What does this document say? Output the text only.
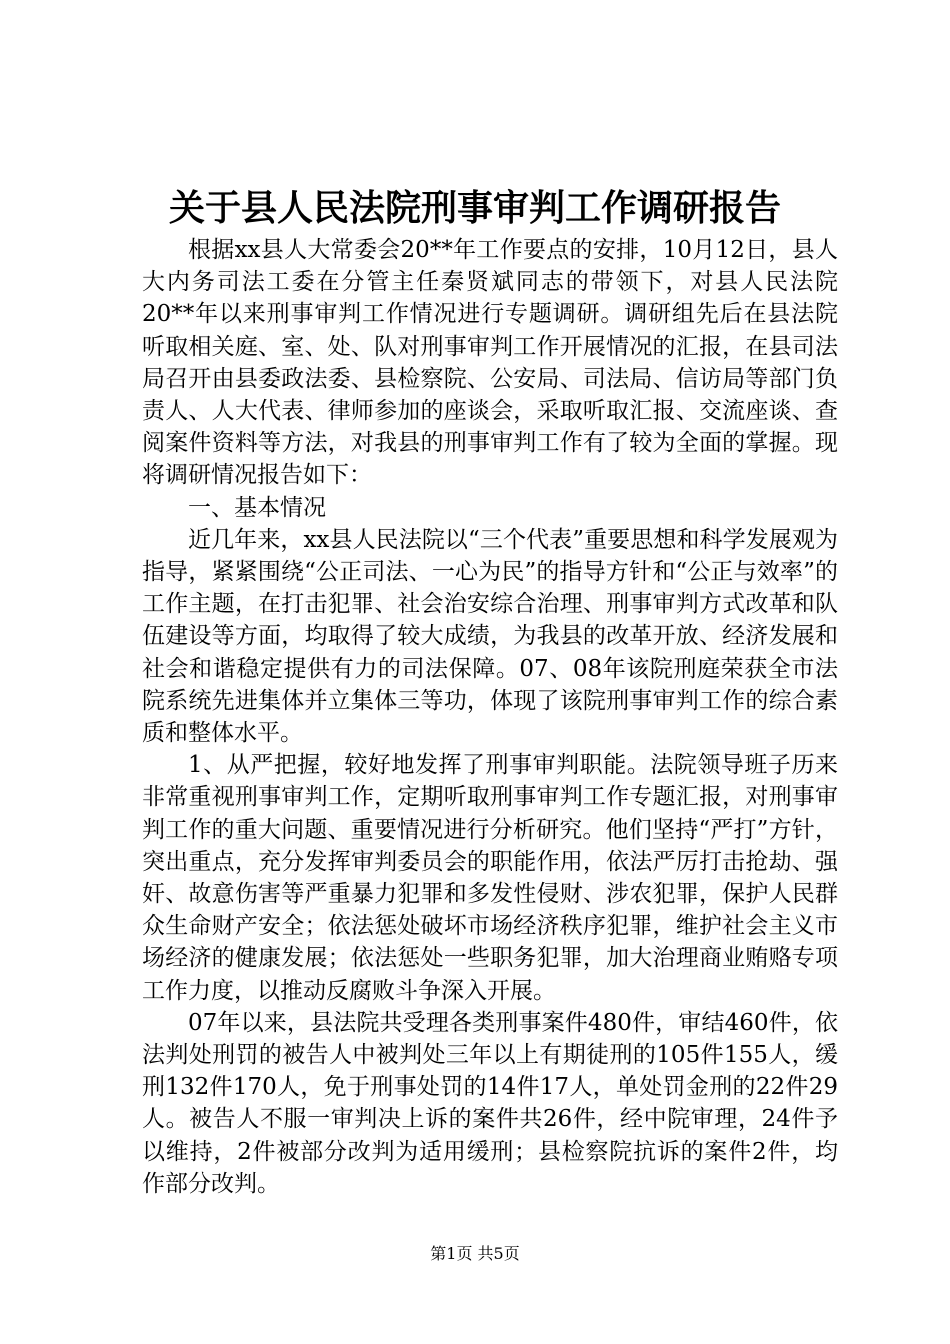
关于县人民法院刑事审判工作调研报告

根据xx县人大常委会20**年工作要点的安排，10月12日，县人大内务司法工委在分管主任秦贤斌同志的带领下，对县人民法院20**年以来刑事审判工作情况进行专题调研。调研组先后在县法院听取相关庭、室、处、队对刑事审判工作开展情况的汇报，在县司法局召开由县委政法委、县检察院、公安局、司法局、信访局等部门负责人、人大代表、律师参加的座谈会，采取听取汇报、交流座谈、查阅案件资料等方法，对我县的刑事审判工作有了较为全面的掌握。现将调研情况报告如下：

一、基本情况

近几年来，xx县人民法院以“三个代表”重要思想和科学发展观为指导，紧紧围绕“公正司法、一心为民”的指导方针和“公正与效率”的工作主题，在打击犯罪、社会治安综合治理、刑事审判方式改革和队伍建设等方面，均取得了较大成绩，为我县的改革开放、经济发展和社会和谐稳定提供有力的司法保障。07、08年该院刑庭荣获全市法院系统先进集体并立集体三等功，体现了该院刑事审判工作的综合素质和整体水平。

1、从严把握，较好地发挥了刑事审判职能。法院领导班子历来非常重视刑事审判工作，定期听取刑事审判工作专题汇报，对刑事审判工作的重大问题、重要情况进行分析研究。他们坚持“严打”方针，突出重点，充分发挥审判委员会的职能作用，依法严厉打击抢劫、强奸、故意伤害等严重暴力犯罪和多发性侵财、涉农犯罪，保护人民群众生命财产安全；依法惩处破坏市场经济秩序犯罪，维护社会主义市场经济的健康发展；依法惩处一些职务犯罪，加大治理商业贿赂专项工作力度，以推动反腐败斗争深入开展。

07年以来，县法院共受理各类刑事案件480件，审结460件，依法判处刑罚的被告人中被判处三年以上有期徒刑的105件155人，缓刑132件170人，免于刑事处罚的14件17人，单处罚金刑的22件29人。被告人不服一审判决上诉的案件共26件，经中院审理，24件予以维持，2件被部分改判为适用缓刑；县检察院抗诉的案件2件，均作部分改判。

第1页 共5页
